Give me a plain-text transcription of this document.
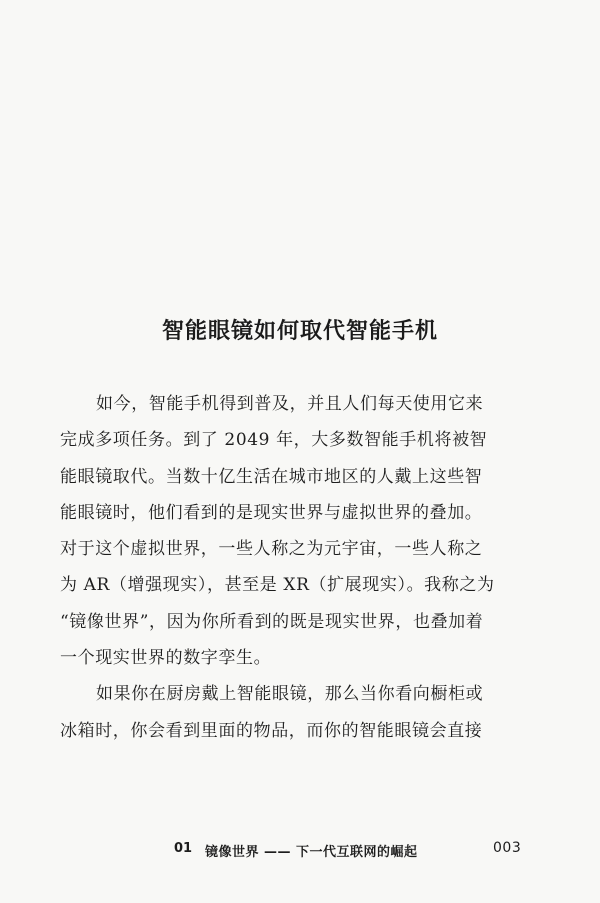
智能眼镜如何取代智能手机

如今，智能手机得到普及，并且人们每天使用它来
完成多项任务。到了 2049 年，大多数智能手机将被智
能眼镜取代。当数十亿生活在城市地区的人戴上这些智
能眼镜时，他们看到的是现实世界与虚拟世界的叠加。
对于这个虚拟世界，一些人称之为元宇宙，一些人称之
为 AR（增强现实），甚至是 XR（扩展现实）。我称之为
“镜像世界”，因为你所看到的既是现实世界，也叠加着
一个现实世界的数字孪生。

如果你在厨房戴上智能眼镜，那么当你看向橱柜或
冰箱时，你会看到里面的物品，而你的智能眼镜会直接

01 镜像世界 —— 下一代互联网的崛起	003
